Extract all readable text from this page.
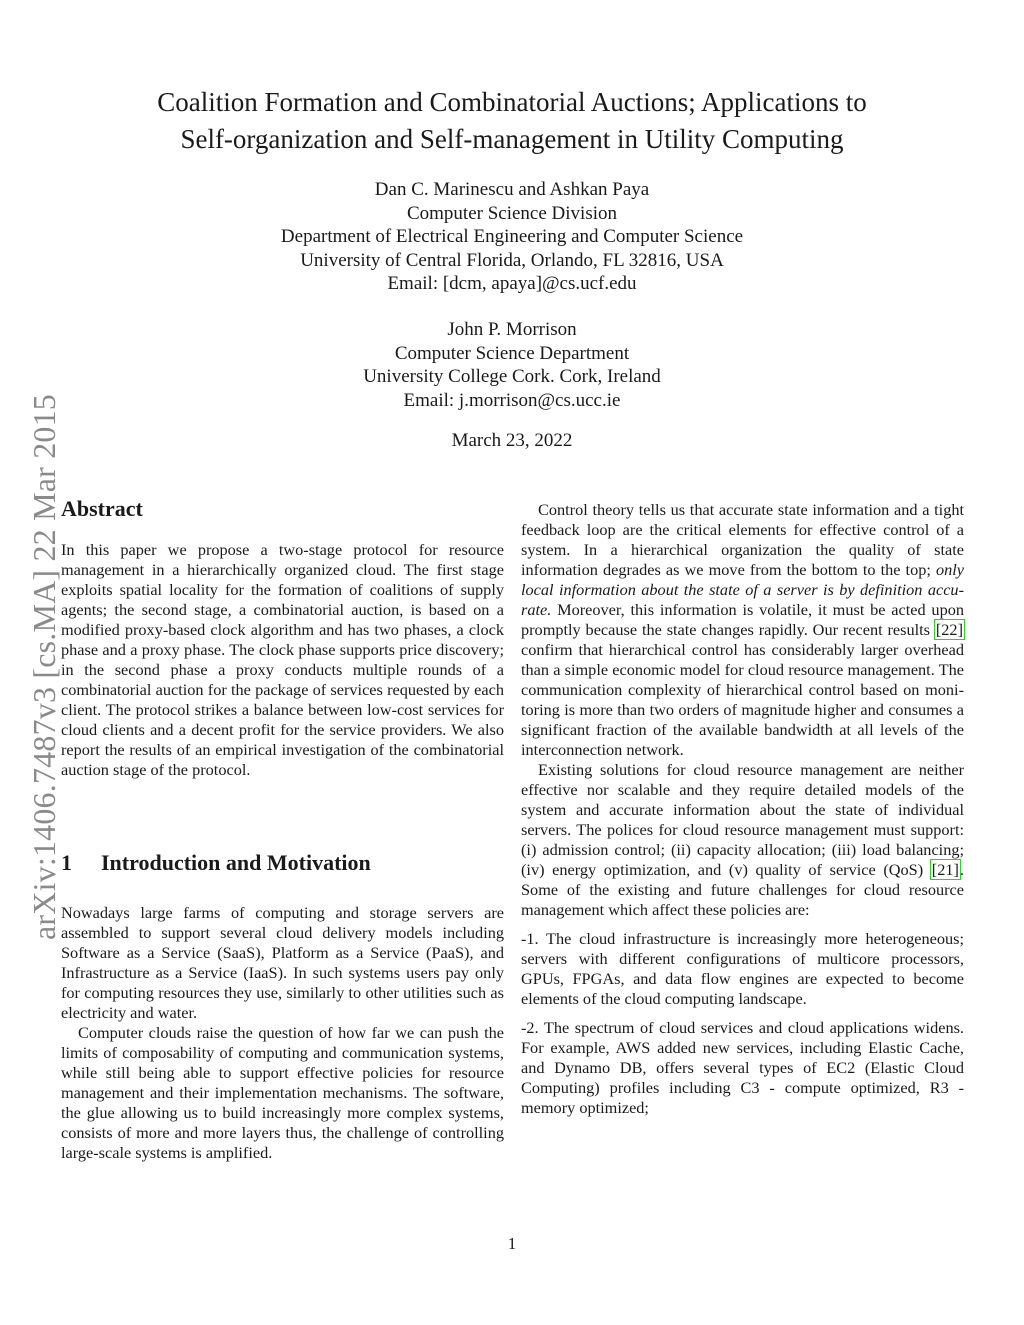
arXiv:1406.7487v3 [cs.MA] 22 Mar 2015
Coalition Formation and Combinatorial Auctions; Applications to
Self-organization and Self-management in Utility Computing
Dan C. Marinescu and Ashkan Paya
Computer Science Division
Department of Electrical Engineering and Computer Science
University of Central Florida, Orlando, FL 32816, USA
Email: [dcm, apaya]@cs.ucf.edu
John P. Morrison
Computer Science Department
University College Cork. Cork, Ireland
Email: j.morrison@cs.ucc.ie
March 23, 2022
Abstract

In this paper we propose a two-stage protocol for resource management in a hierarchically organized cloud. The first stage exploits spatial locality for the formation of coalitions of supply agents; the second stage, a combinatorial auction, is based on a modified proxy-based clock algorithm and has two phases, a clock phase and a proxy phase. The clock phase supports price discovery; in the second phase a proxy conducts multiple rounds of a combinatorial auction for the package of services requested by each client. The protocol strikes a balance between low-cost services for cloud clients and a decent profit for the service providers. We also report the results of an empirical investigation of the combinatorial auction stage of the protocol.

1 Introduction and Motivation

Nowadays large farms of computing and storage servers are assembled to support several cloud delivery models including Software as a Service (SaaS), Platform as a Service (PaaS), and Infrastructure as a Service (IaaS). In such systems users pay only for computing resources they use, similarly to other utilities such as electricity and water.

Computer clouds raise the question of how far we can push the limits of composability of computing and communication systems, while still being able to support effective policies for resource management and their implementation mechanisms. The software, the glue allowing us to build increasingly more complex systems, consists of more and more layers thus, the challenge of controlling large-scale systems is amplified.

Control theory tells us that accurate state information and a tight feedback loop are the critical elements for effective control of a system. In a hierarchical organization the quality of state information degrades as we move from the bottom to the top; only local information about the state of a server is by definition accurate. Moreover, this information is volatile, it must be acted upon promptly because the state changes rapidly. Our recent results [22] confirm that hierarchical control has considerably larger overhead than a simple economic model for cloud resource management. The communication complexity of hierarchical control based on monitoring is more than two orders of magnitude higher and consumes a significant fraction of the available bandwidth at all levels of the interconnection network.

Existing solutions for cloud resource management are neither effective nor scalable and they require detailed models of the system and accurate information about the state of individual servers. The polices for cloud resource management must support: (i) admission control; (ii) capacity allocation; (iii) load balancing; (iv) energy optimization, and (v) quality of service (QoS) [21]. Some of the existing and future challenges for cloud resource management which affect these policies are:

-1. The cloud infrastructure is increasingly more heterogeneous; servers with different configurations of multicore processors, GPUs, FPGAs, and data flow engines are expected to become elements of the cloud computing landscape.

-2. The spectrum of cloud services and cloud applications widens. For example, AWS added new services, including Elastic Cache, and Dynamo DB, offers several types of EC2 (Elastic Cloud Computing) profiles including C3 - compute optimized, R3 - memory optimized;

1
